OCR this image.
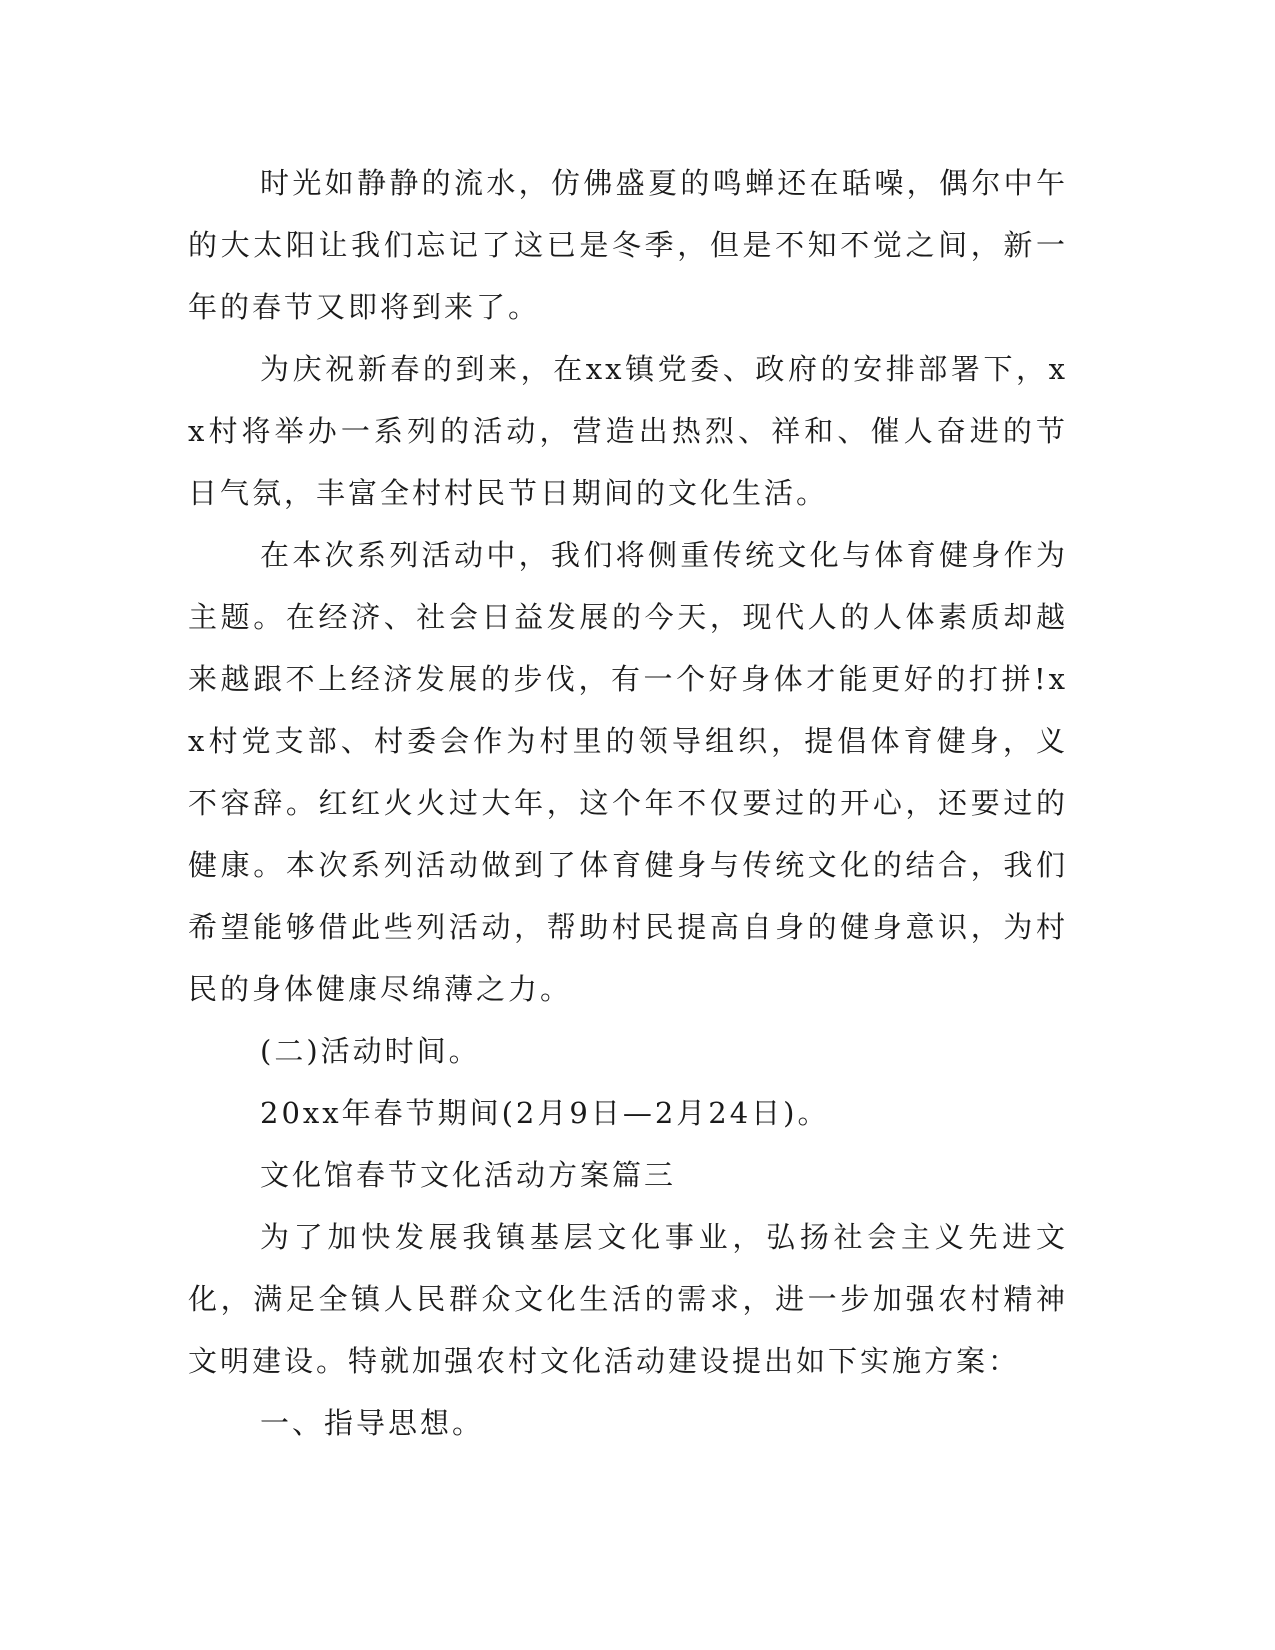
时光如静静的流水，仿佛盛夏的鸣蝉还在聒噪，偶尔中午的大太阳让我们忘记了这已是冬季，但是不知不觉之间，新一年的春节又即将到来了。

为庆祝新春的到来，在xx镇党委、政府的安排部署下，xx村将举办一系列的活动，营造出热烈、祥和、催人奋进的节日气氛，丰富全村村民节日期间的文化生活。

在本次系列活动中，我们将侧重传统文化与体育健身作为主题。在经济、社会日益发展的今天，现代人的人体素质却越来越跟不上经济发展的步伐，有一个好身体才能更好的打拼!xx村党支部、村委会作为村里的领导组织，提倡体育健身，义不容辞。红红火火过大年，这个年不仅要过的开心，还要过的健康。本次系列活动做到了体育健身与传统文化的结合，我们希望能够借此些列活动，帮助村民提高自身的健身意识，为村民的身体健康尽绵薄之力。

(二)活动时间。

20xx年春节期间(2月9日—2月24日)。

文化馆春节文化活动方案篇三

为了加快发展我镇基层文化事业，弘扬社会主义先进文化，满足全镇人民群众文化生活的需求，进一步加强农村精神文明建设。特就加强农村文化活动建设提出如下实施方案：

一、指导思想。
